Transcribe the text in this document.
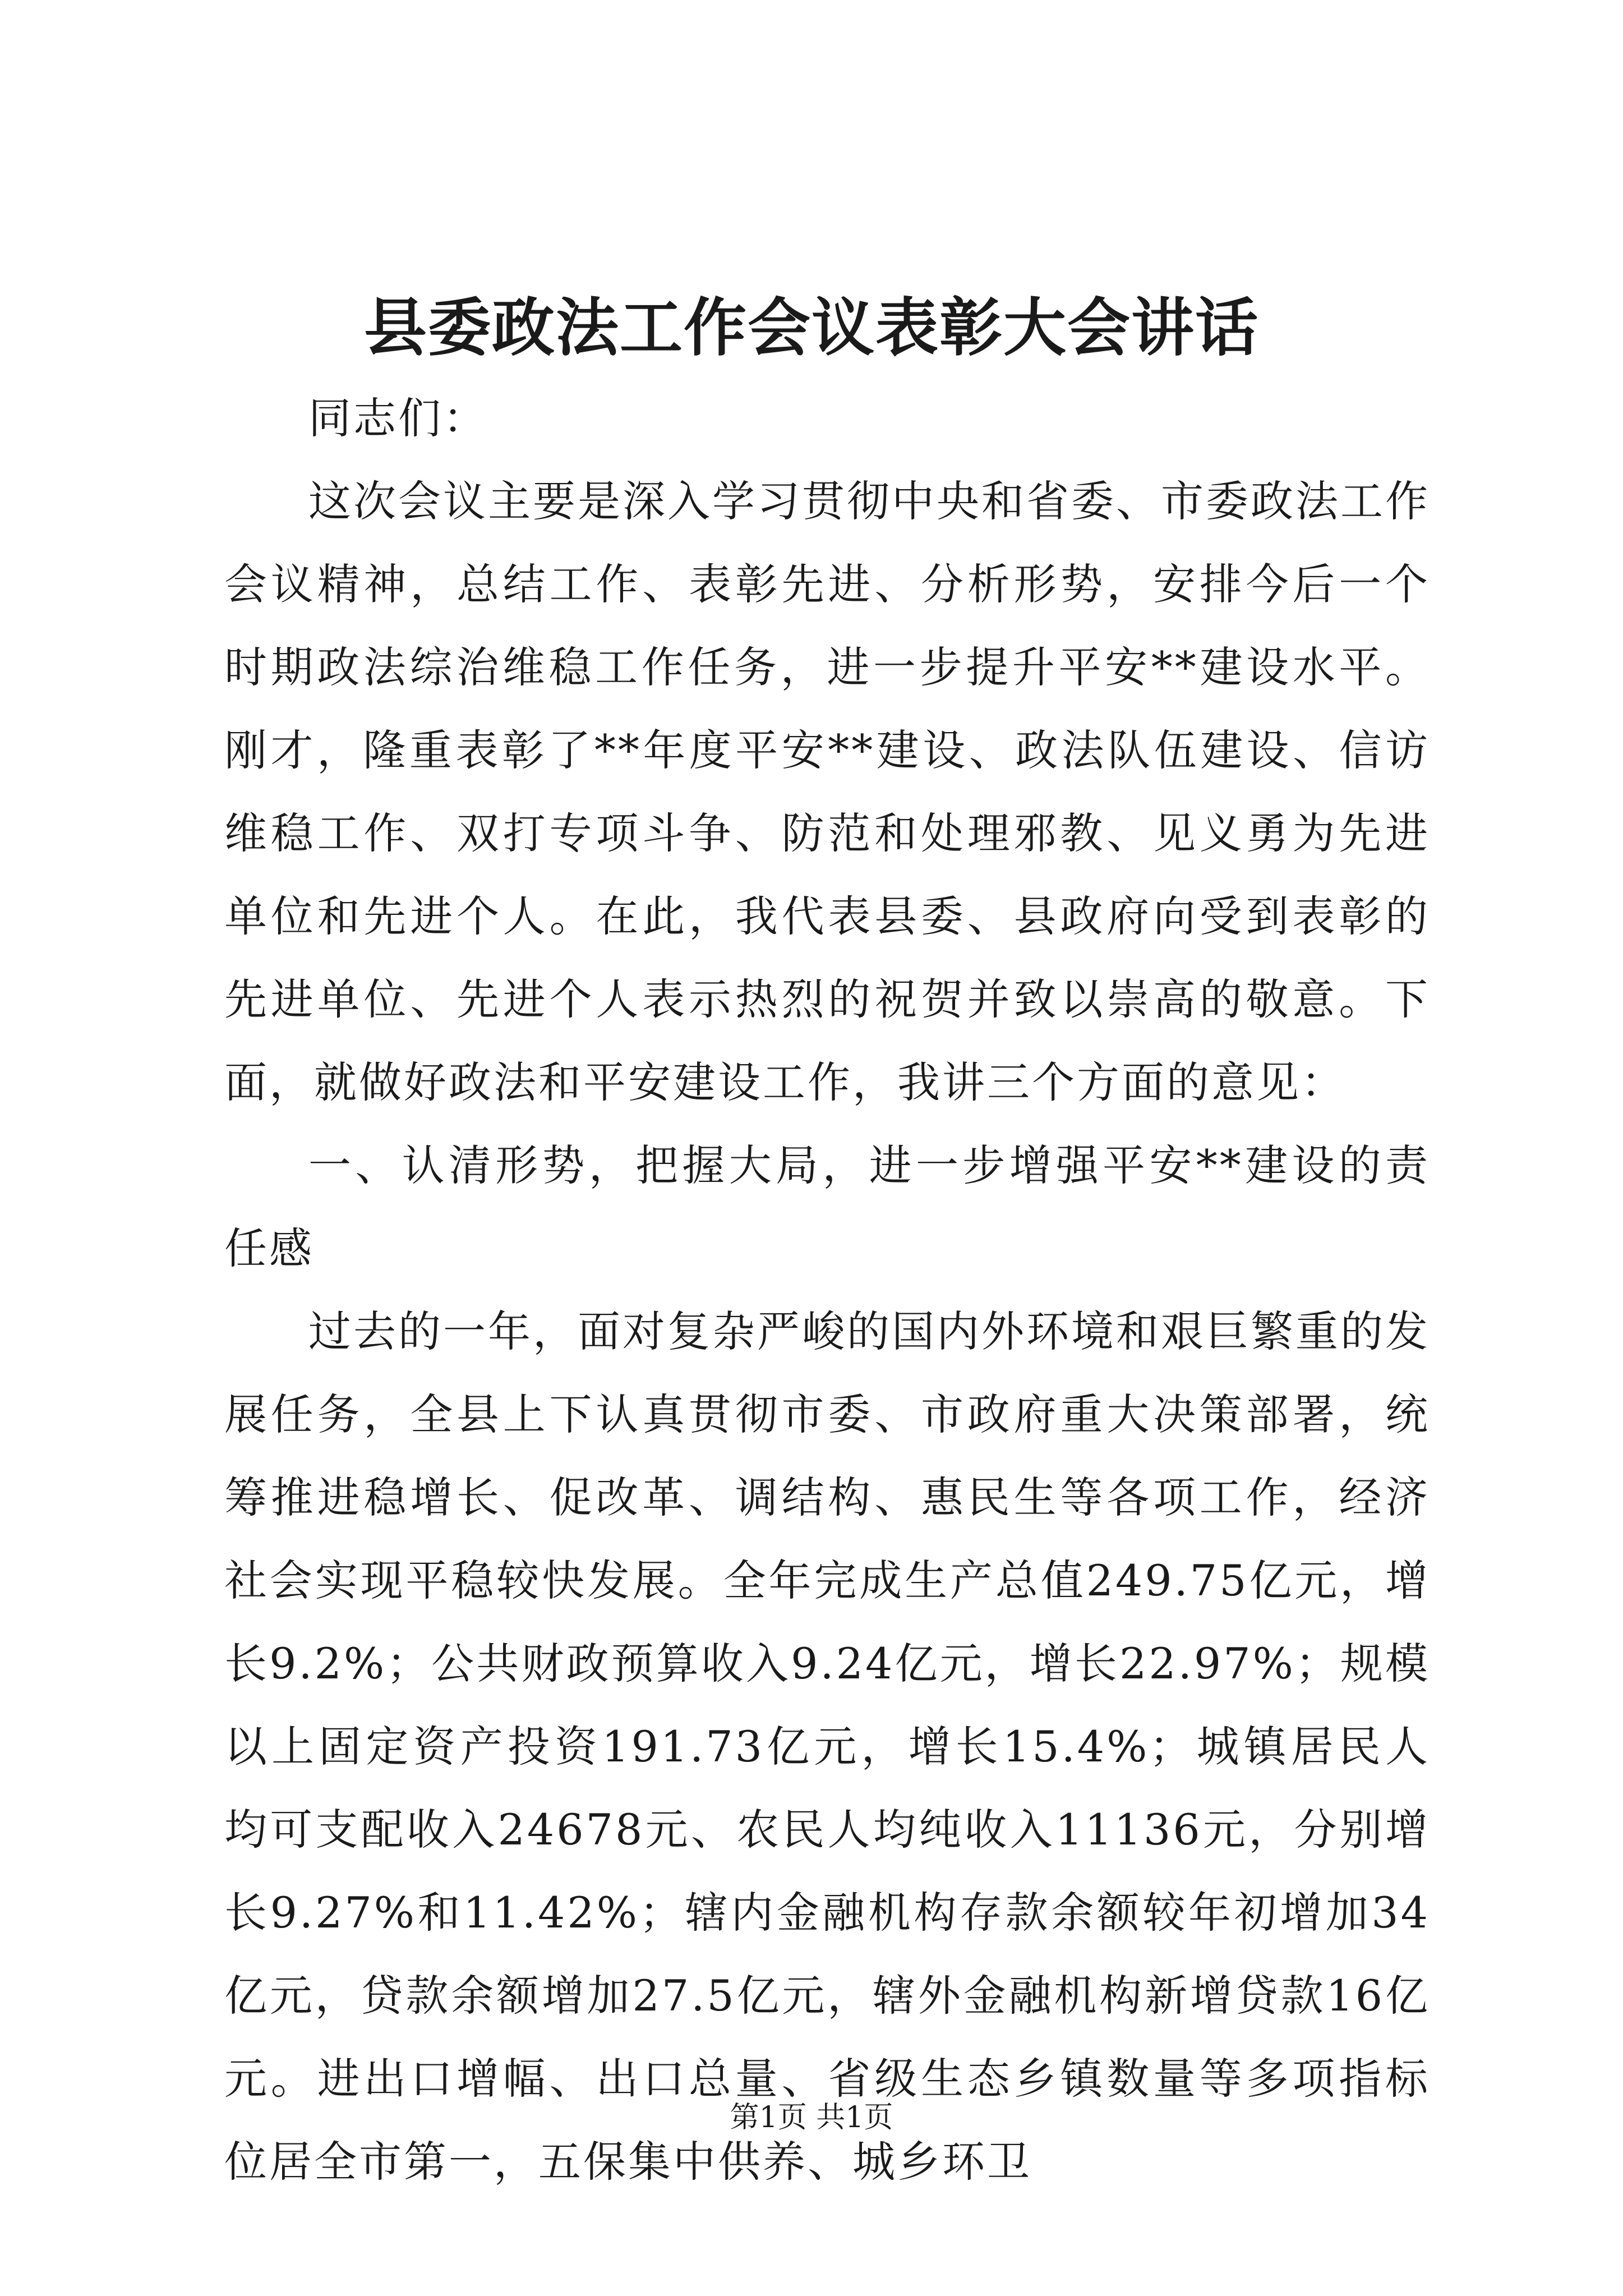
县委政法工作会议表彰大会讲话

同志们：

这次会议主要是深入学习贯彻中央和省委、市委政法工作会议精神，总结工作、表彰先进、分析形势，安排今后一个时期政法综治维稳工作任务，进一步提升平安**建设水平。刚才，隆重表彰了**年度平安**建设、政法队伍建设、信访维稳工作、双打专项斗争、防范和处理邪教、见义勇为先进单位和先进个人。在此，我代表县委、县政府向受到表彰的先进单位、先进个人表示热烈的祝贺并致以崇高的敬意。下面，就做好政法和平安建设工作，我讲三个方面的意见：

一、认清形势，把握大局，进一步增强平安**建设的责任感

过去的一年，面对复杂严峻的国内外环境和艰巨繁重的发展任务，全县上下认真贯彻市委、市政府重大决策部署，统筹推进稳增长、促改革、调结构、惠民生等各项工作，经济社会实现平稳较快发展。全年完成生产总值249.75亿元，增长9.2%；公共财政预算收入9.24亿元，增长22.97%；规模以上固定资产投资191.73亿元，增长15.4%；城镇居民人均可支配收入24678元、农民人均纯收入11136元，分别增长9.27%和11.42%；辖内金融机构存款余额较年初增加34亿元，贷款余额增加27.5亿元，辖外金融机构新增贷款16亿元。进出口增幅、出口总量、省级生态乡镇数量等多项指标位居全市第一，五保集中供养、城乡环卫

第1页 共1页
